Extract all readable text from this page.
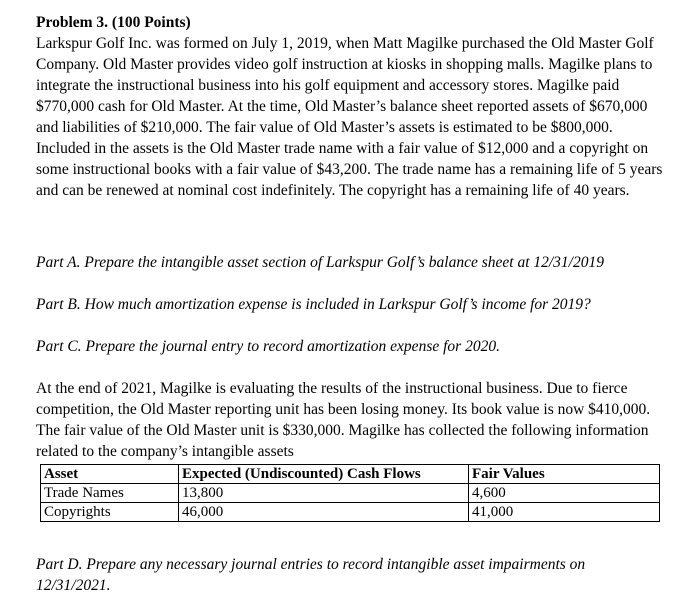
Problem 3. (100 Points)

Larkspur Golf Inc. was formed on July 1, 2019, when Matt Magilke purchased the Old Master Golf Company. Old Master provides video golf instruction at kiosks in shopping malls. Magilke plans to integrate the instructional business into his golf equipment and accessory stores. Magilke paid $770,000 cash for Old Master. At the time, Old Master’s balance sheet reported assets of $670,000 and liabilities of $210,000. The fair value of Old Master’s assets is estimated to be $800,000. Included in the assets is the Old Master trade name with a fair value of $12,000 and a copyright on some instructional books with a fair value of $43,200. The trade name has a remaining life of 5 years and can be renewed at nominal cost indefinitely. The copyright has a remaining life of 40 years.

Part A. Prepare the intangible asset section of Larkspur Golf’s balance sheet at 12/31/2019

Part B. How much amortization expense is included in Larkspur Golf’s income for 2019?

Part C. Prepare the journal entry to record amortization expense for 2020.

At the end of 2021, Magilke is evaluating the results of the instructional business. Due to fierce competition, the Old Master reporting unit has been losing money. Its book value is now $410,000. The fair value of the Old Master unit is $330,000. Magilke has collected the following information related to the company’s intangible assets

Asset	Expected (Undiscounted) Cash Flows	Fair Values
Trade Names	13,800	4,600
Copyrights	46,000	41,000

Part D. Prepare any necessary journal entries to record intangible asset impairments on 12/31/2021.
